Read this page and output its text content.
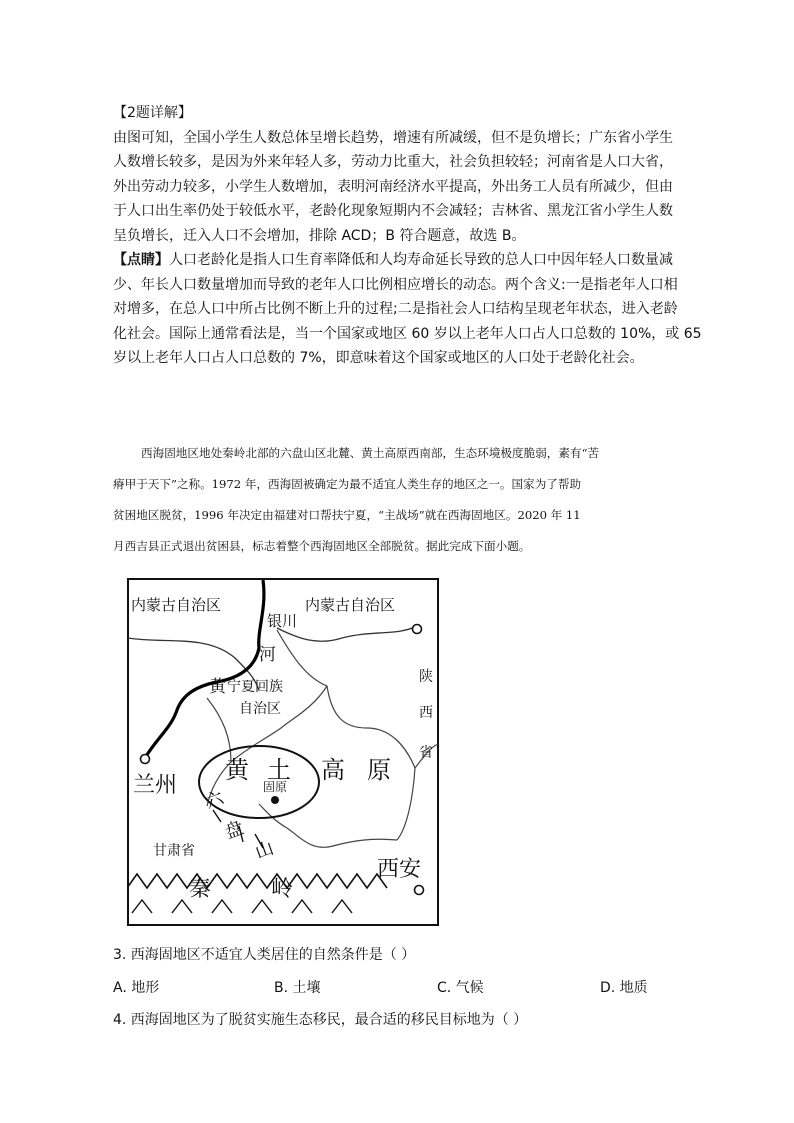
【2题详解】
由图可知，全国小学生人数总体呈增长趋势，增速有所减缓，但不是负增长；广东省小学生
人数增长较多，是因为外来年轻人多，劳动力比重大，社会负担较轻；河南省是人口大省，
外出劳动力较多，小学生人数增加，表明河南经济水平提高，外出务工人员有所减少，但由
于人口出生率仍处于较低水平，老龄化现象短期内不会减轻；吉林省、黑龙江省小学生人数
呈负增长，迁入人口不会增加，排除 ACD；B 符合题意，故选 B。
【点睛】人口老龄化是指人口生育率降低和人均寿命延长导致的总人口中因年轻人口数量减
少、年长人口数量增加而导致的老年人口比例相应增长的动态。两个含义:一是指老年人口相
对增多，在总人口中所占比例不断上升的过程;二是指社会人口结构呈现老年状态，进入老龄
化社会。国际上通常看法是，当一个国家或地区 60 岁以上老年人口占人口总数的 10%，或 65
岁以上老年人口占人口总数的 7%，即意味着这个国家或地区的人口处于老龄化社会。
西海固地区地处秦岭北部的六盘山区北麓、黄土高原西南部，生态环境极度脆弱，素有“苦
瘠甲于天下”之称。1972 年，西海固被确定为最不适宜人类生存的地区之一。国家为了帮助
贫困地区脱贫，1996 年决定由福建对口帮扶宁夏，“主战场”就在西海固地区。2020 年 11
月西吉县正式退出贫困县，标志着整个西海固地区全部脱贫。据此完成下面小题。
内蒙古自治区	内蒙古自治区
银川
河
黄 宁夏回族
自治区
陕
西
省
黄 土 高 原
兰州	固原
六
盘
山
甘肃省
秦	岭
西安
3. 西海固地区不适宜人类居住的自然条件是（ ）
A. 地形	B. 土壤	C. 气候	D. 地质
4. 西海固地区为了脱贫实施生态移民，最合适的移民目标地为（ ）
